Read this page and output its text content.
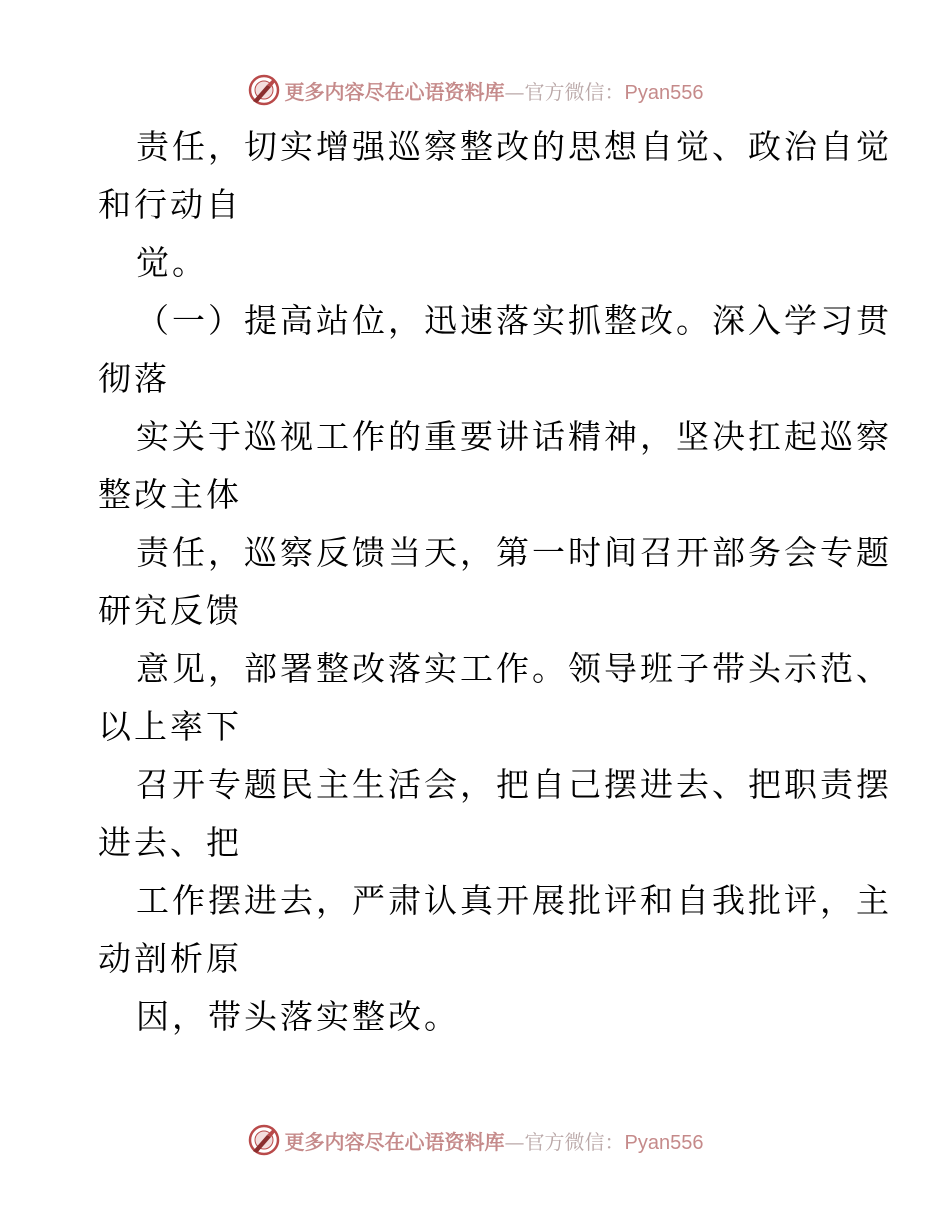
更多内容尽在心语资料库—官方微信：Pyan556
责任，切实增强巡察整改的思想自觉、政治自觉
和行动自
觉。
（一）提高站位，迅速落实抓整改。深入学习贯
彻落
实关于巡视工作的重要讲话精神，坚决扛起巡察
整改主体
责任，巡察反馈当天，第一时间召开部务会专题
研究反馈
意见，部署整改落实工作。领导班子带头示范、
以上率下
召开专题民主生活会，把自己摆进去、把职责摆
进去、把
工作摆进去，严肃认真开展批评和自我批评，主
动剖析原
因，带头落实整改。
更多内容尽在心语资料库—官方微信：Pyan556
